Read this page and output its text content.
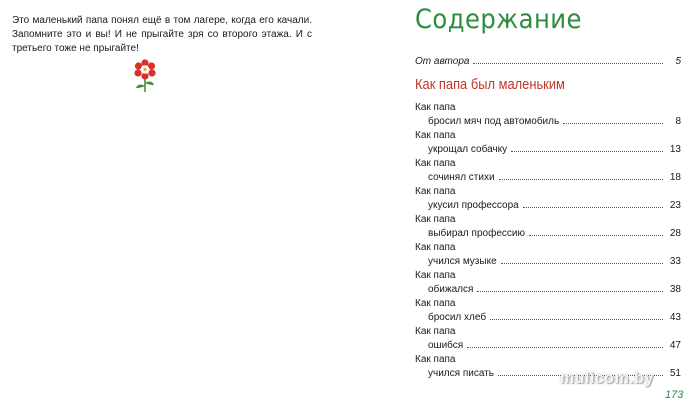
Это маленький папа понял ещё в том лагере, когда его качали. Запомните это и вы! И не прыгайте зря со второго этажа. И с третьего тоже не прыгайте!

Содержание
От автора	5
Как папа был маленьким
Как папа
бросил мяч под автомобиль	8
Как папа
укрощал собачку	13
Как папа
сочинял стихи	18
Как папа
укусил профессора	23
Как папа
выбирал профессию	28
Как папа
учился музыке	33
Как папа
обижался	38
Как папа
бросил хлеб	43
Как папа
ошибся	47
Как папа
учился писать	51
mulicom.by
173
